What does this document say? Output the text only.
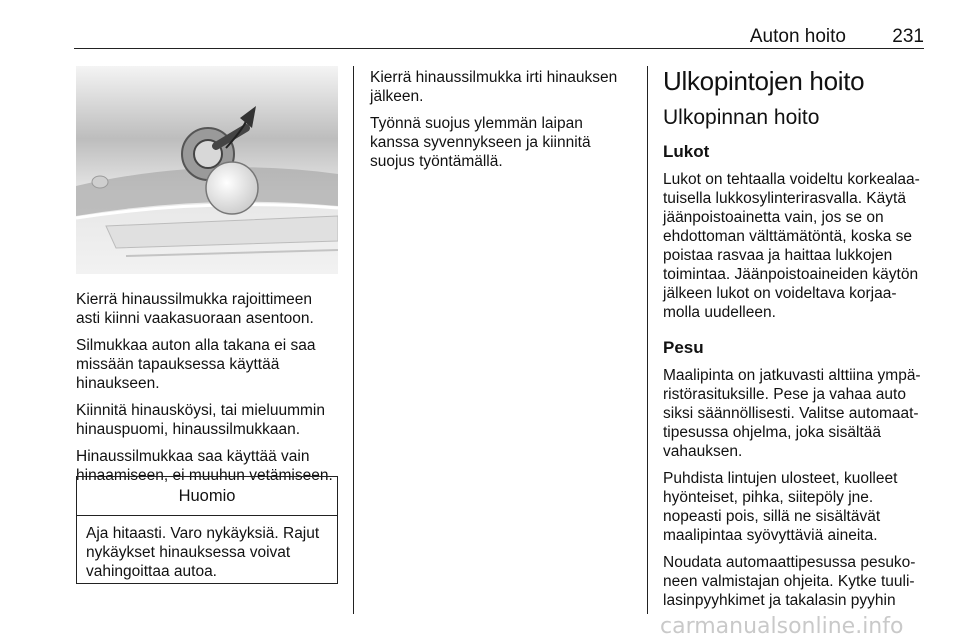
Auton hoito 231

Kierrä hinaussilmukka rajoittimeen
asti kiinni vaakasuoraan asentoon.

Silmukkaa auton alla takana ei saa
missään tapauksessa käyttää
hinaukseen.

Kiinnitä hinausköysi, tai mieluummin
hinauspuomi, hinaussilmukkaan.

Hinaussilmukkaa saa käyttää vain
hinaamiseen, ei muuhun vetämiseen.

Huomio
Aja hitaasti. Varo nykäyksiä. Rajut
nykäykset hinauksessa voivat
vahingoittaa autoa.

Kierrä hinaussilmukka irti hinauksen
jälkeen.

Työnnä suojus ylemmän laipan
kanssa syvennykseen ja kiinnitä
suojus työntämällä.

Ulkopintojen hoito
Ulkopinnan hoito
Lukot

Lukot on tehtaalla voideltu korkealaa-
tuisella lukkosylinterirasvalla. Käytä
jäänpoistoainetta vain, jos se on
ehdottoman välttämätöntä, koska se
poistaa rasvaa ja haittaa lukkojen
toimintaa. Jäänpoistoaineiden käytön
jälkeen lukot on voideltava korjaa-
molla uudelleen.

Pesu

Maalipinta on jatkuvasti alttiina ympä-
ristörasituksille. Pese ja vahaa auto
siksi säännöllisesti. Valitse automaat-
tipesussa ohjelma, joka sisältää
vahauksen.

Puhdista lintujen ulosteet, kuolleet
hyönteiset, pihka, siitepöly jne.
nopeasti pois, sillä ne sisältävät
maalipintaa syövyttäviä aineita.

Noudata automaattipesussa pesuko-
neen valmistajan ohjeita. Kytke tuuli-
lasinpyyhkimet ja takalasin pyyhin

carmanualsonline.info
